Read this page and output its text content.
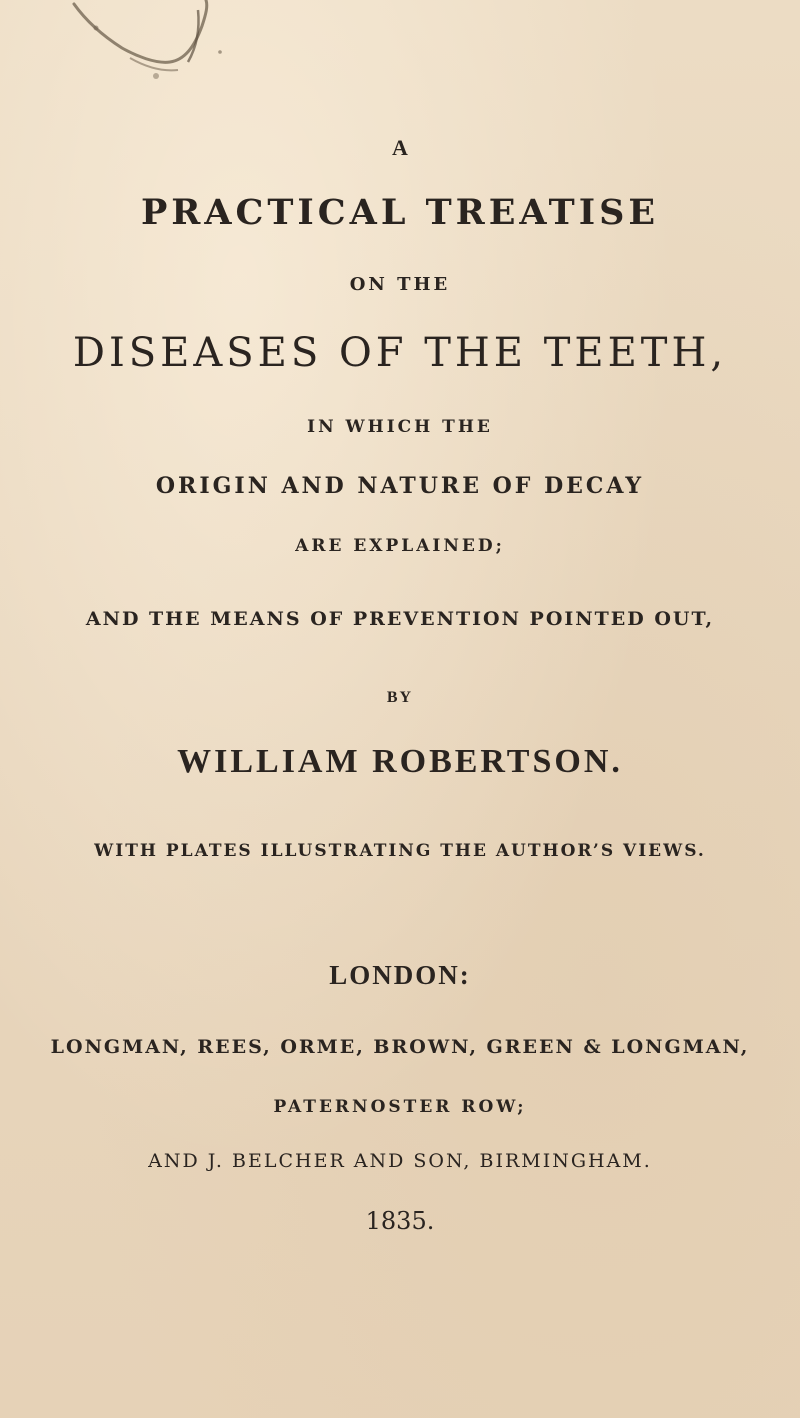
A
PRACTICAL TREATISE
ON THE
DISEASES OF THE TEETH,
IN WHICH THE
ORIGIN AND NATURE OF DECAY
ARE EXPLAINED;
AND THE MEANS OF PREVENTION POINTED OUT,
BY
WILLIAM ROBERTSON.
WITH PLATES ILLUSTRATING THE AUTHOR’S VIEWS.
LONDON:
LONGMAN, REES, ORME, BROWN, GREEN & LONGMAN,
PATERNOSTER ROW;
AND J. BELCHER AND SON, BIRMINGHAM.
1835.
